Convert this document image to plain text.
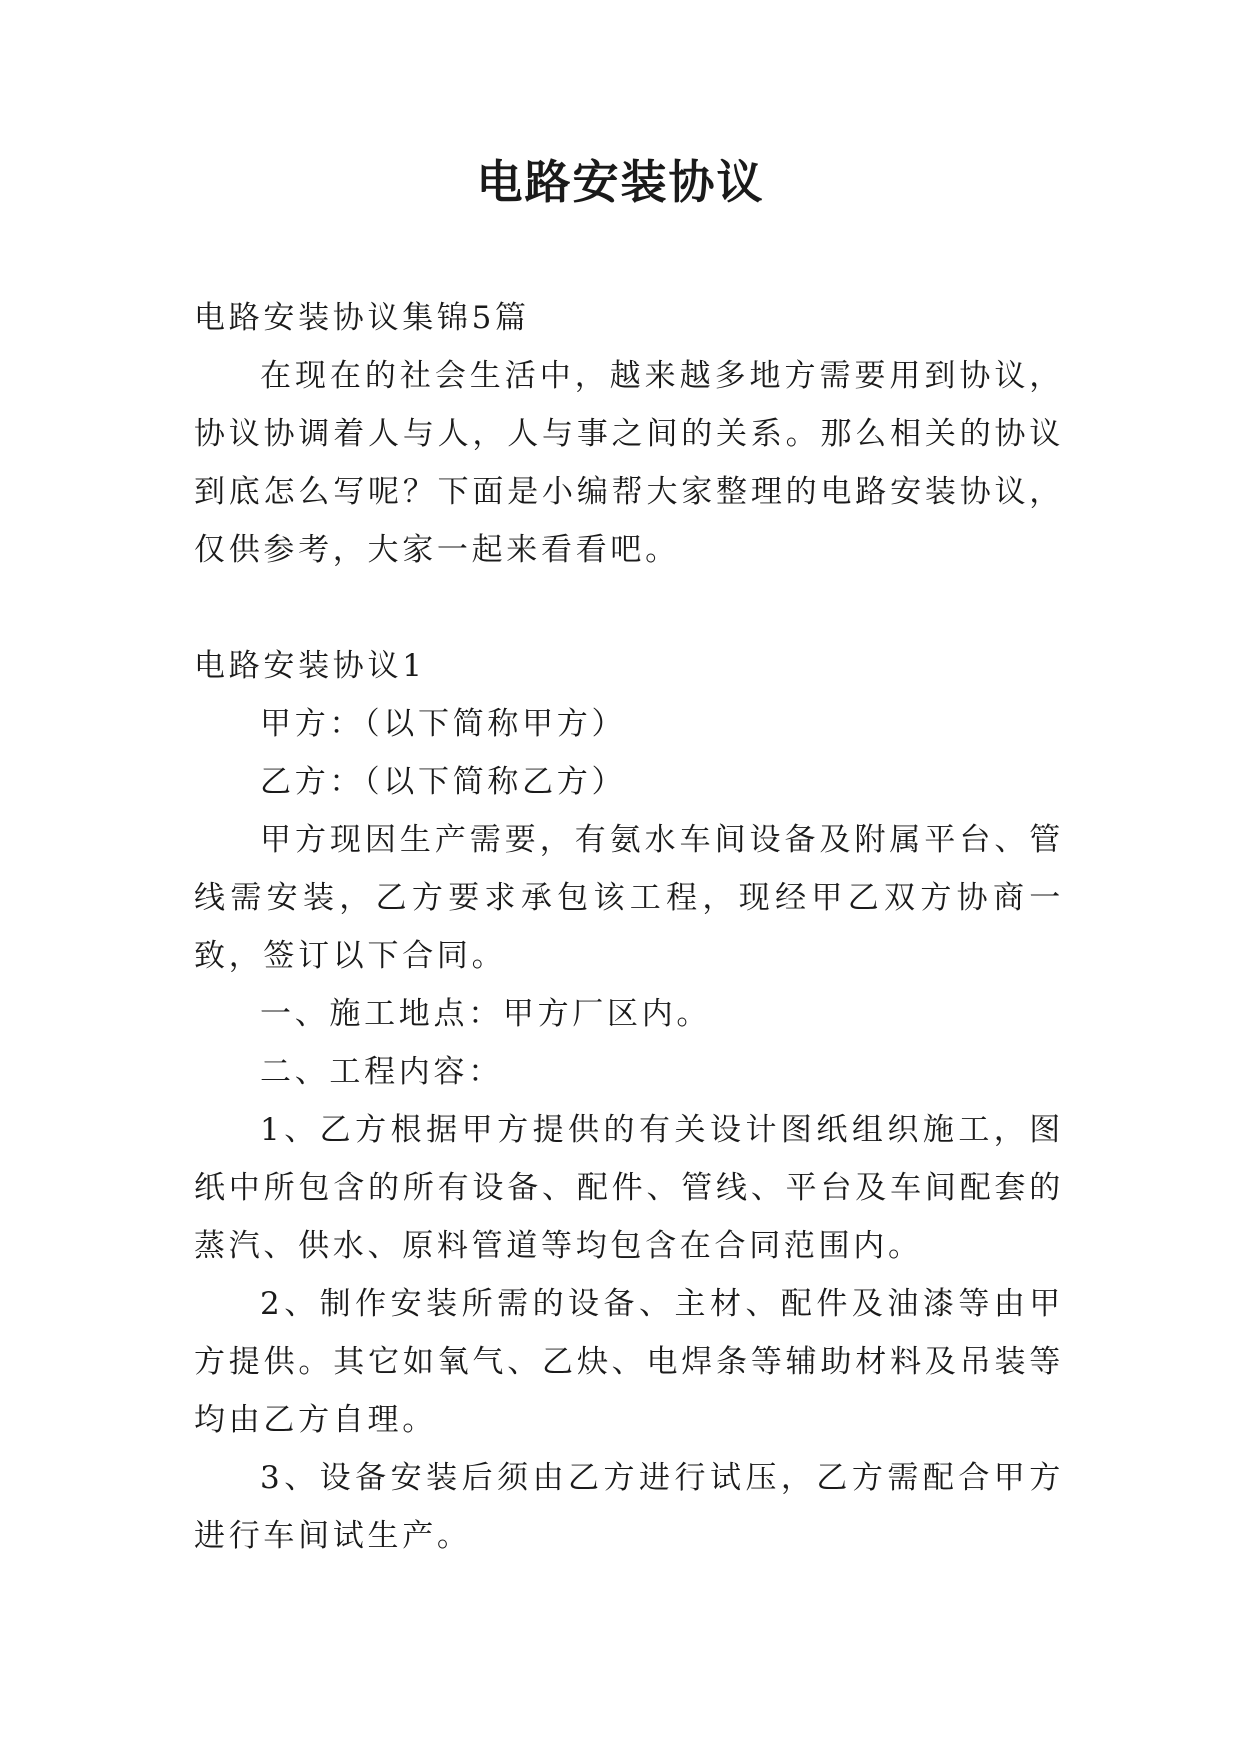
电路安装协议

电路安装协议集锦5篇

在现在的社会生活中，越来越多地方需要用到协议，协议协调着人与人，人与事之间的关系。那么相关的协议到底怎么写呢？下面是小编帮大家整理的电路安装协议，仅供参考，大家一起来看看吧。

电路安装协议1

甲方：（以下简称甲方）

乙方：（以下简称乙方）

甲方现因生产需要，有氨水车间设备及附属平台、管线需安装，乙方要求承包该工程，现经甲乙双方协商一致，签订以下合同。

一、施工地点：甲方厂区内。

二、工程内容：

1、乙方根据甲方提供的有关设计图纸组织施工，图纸中所包含的所有设备、配件、管线、平台及车间配套的蒸汽、供水、原料管道等均包含在合同范围内。

2、制作安装所需的设备、主材、配件及油漆等由甲方提供。其它如氧气、乙炔、电焊条等辅助材料及吊装等均由乙方自理。

3、设备安装后须由乙方进行试压，乙方需配合甲方进行车间试生产。
